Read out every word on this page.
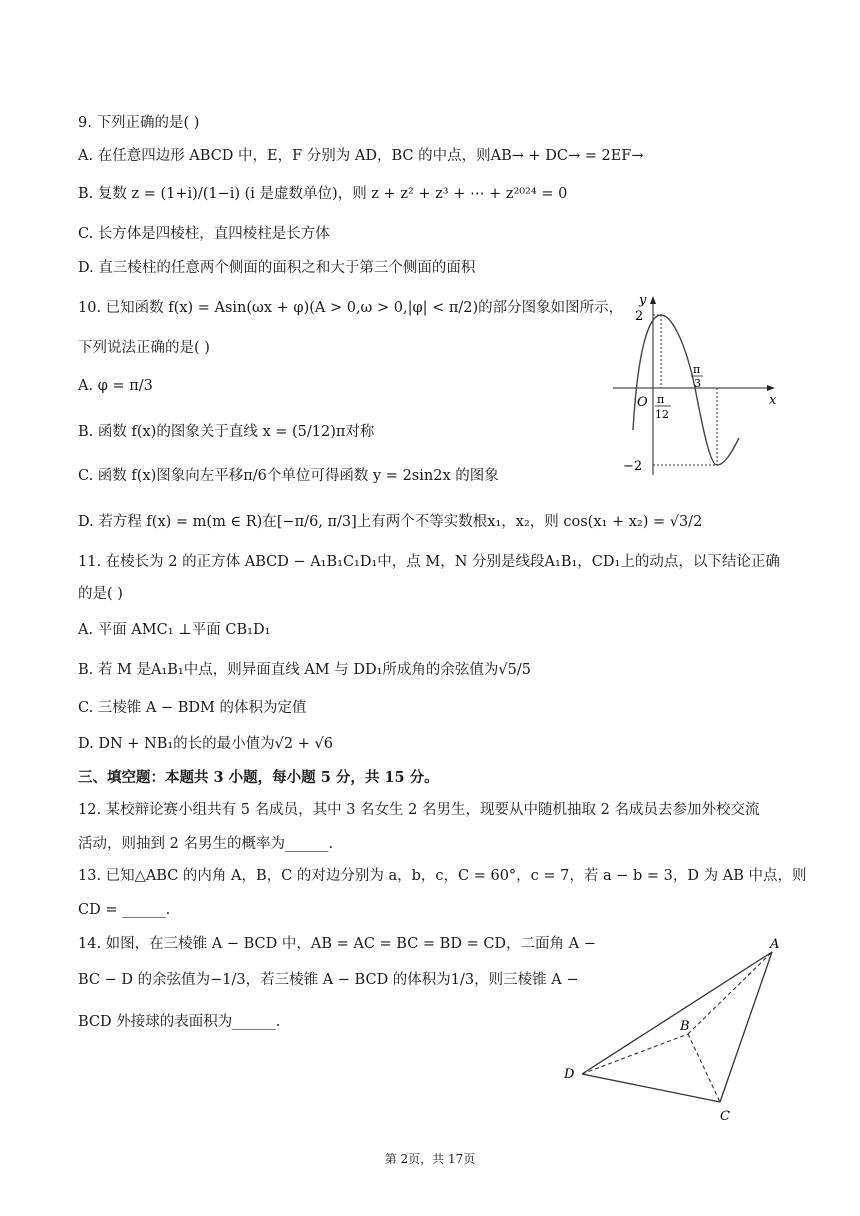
9. 下列正确的是( )
A. 在任意四边形 ABCD 中，E，F 分别为 AD，BC 的中点，则AB→ + DC→ = 2EF→
B. 复数 z = (1+i)/(1−i) (i 是虚数单位)，则 z + z² + z³ + ⋯ + z²⁰²⁴ = 0
C. 长方体是四棱柱，直四棱柱是长方体
D. 直三棱柱的任意两个侧面的面积之和大于第三个侧面的面积
10. 已知函数 f(x) = Asin(ωx + φ)(A > 0,ω > 0,|φ| < π/2)的部分图象如图所示，
下列说法正确的是( )
A. φ = π/3
B. 函数 f(x)的图象关于直线 x = (5/12)π对称
C. 函数 f(x)图象向左平移π/6个单位可得函数 y = 2sin2x 的图象
D. 若方程 f(x) = m(m ∈ R)在[−π/6, π/3]上有两个不等实数根x₁，x₂，则 cos(x₁ + x₂) = √3/2
y
x
O
2
−2
π
12
π
3
11. 在棱长为 2 的正方体 ABCD − A₁B₁C₁D₁中，点 M，N 分别是线段A₁B₁，CD₁上的动点，以下结论正确
的是( )
A. 平面 AMC₁ ⊥平面 CB₁D₁
B. 若 M 是A₁B₁中点，则异面直线 AM 与 DD₁所成角的余弦值为√5/5
C. 三棱锥 A − BDM 的体积为定值
D. DN + NB₁的长的最小值为√2 + √6
三、填空题：本题共 3 小题，每小题 5 分，共 15 分。
12. 某校辩论赛小组共有 5 名成员，其中 3 名女生 2 名男生，现要从中随机抽取 2 名成员去参加外校交流
活动，则抽到 2 名男生的概率为______.
13. 已知△ABC 的内角 A，B，C 的对边分别为 a，b，c，C = 60°，c = 7，若 a − b = 3，D 为 AB 中点，则
CD = ______.
14. 如图，在三棱锥 A − BCD 中，AB = AC = BC = BD = CD，二面角 A −
BC − D 的余弦值为−1/3，若三棱锥 A − BCD 的体积为1/3，则三棱锥 A −
BCD 外接球的表面积为______.
A
B
C
D
第 2页，共 17页
